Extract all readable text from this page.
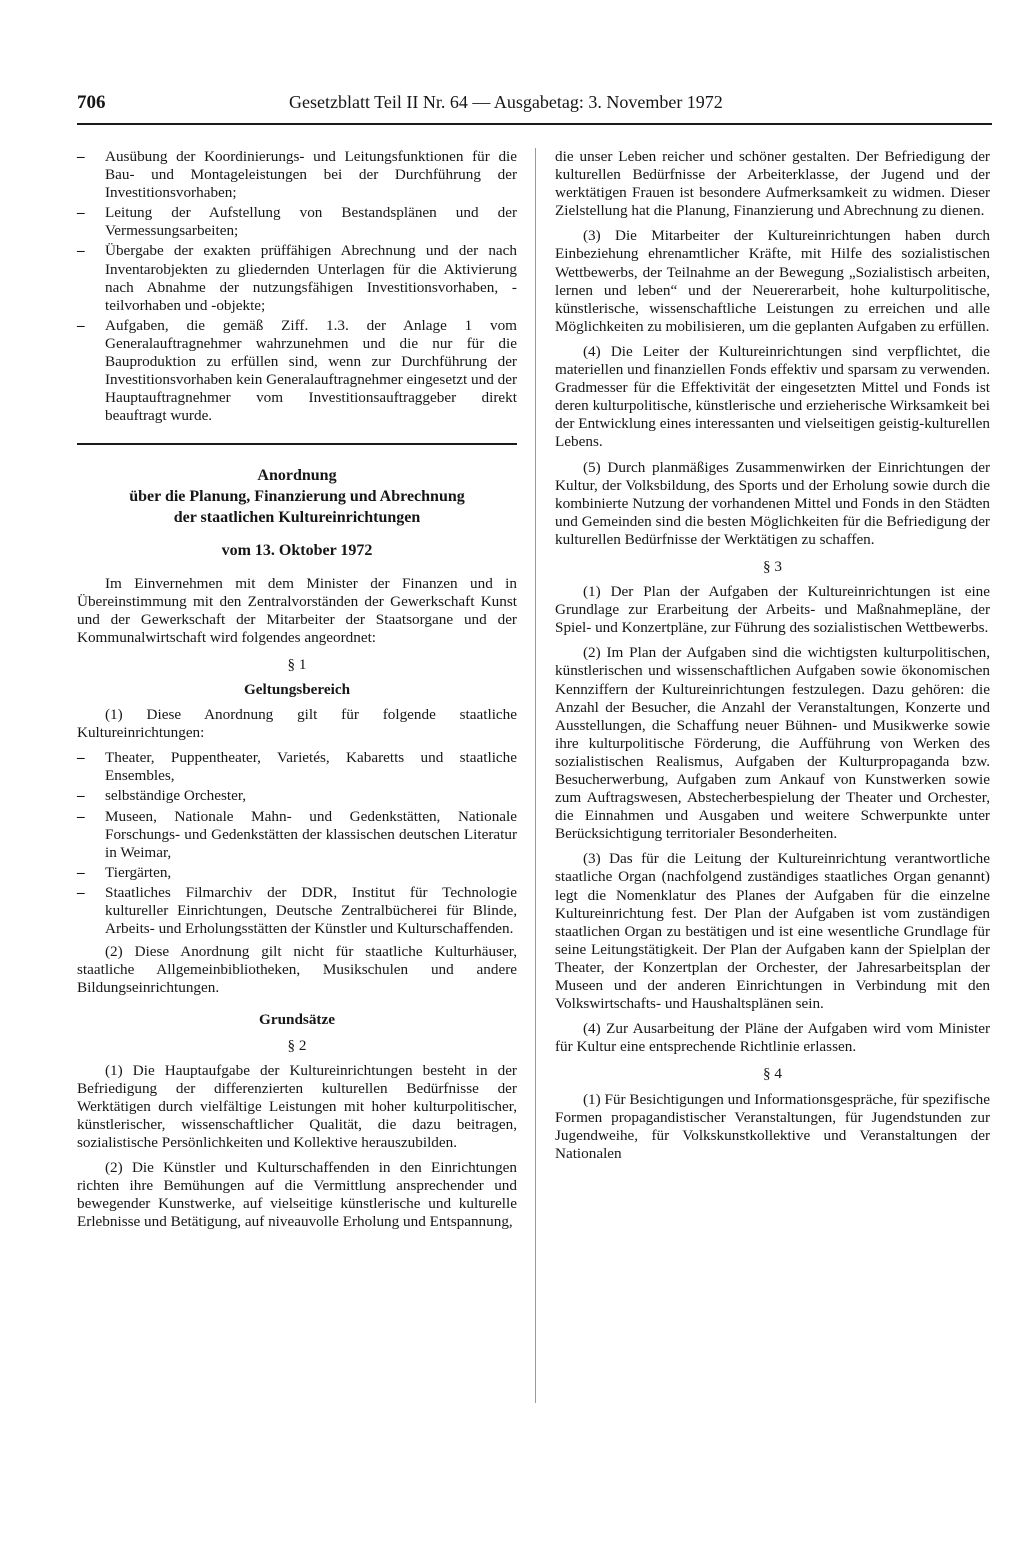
706	Gesetzblatt Teil II Nr. 64 — Ausgabetag: 3. November 1972
– Ausübung der Koordinierungs- und Leitungsfunktionen für die Bau- und Montageleistungen bei der Durchführung der Investitionsvorhaben;
– Leitung der Aufstellung von Bestandsplänen und der Vermessungsarbeiten;
– Übergabe der exakten prüffähigen Abrechnung und der nach Inventarobjekten zu gliedernden Unterlagen für die Aktivierung nach Abnahme der nutzungsfähigen Investitionsvorhaben, -teilvorhaben und -objekte;
– Aufgaben, die gemäß Ziff. 1.3. der Anlage 1 vom Generalauftragnehmer wahrzunehmen und die nur für die Bauproduktion zu erfüllen sind, wenn zur Durchführung der Investitionsvorhaben kein Generalauftragnehmer eingesetzt und der Hauptauftragnehmer vom Investitionsauftraggeber direkt beauftragt wurde.
Anordnung
über die Planung, Finanzierung und Abrechnung
der staatlichen Kultureinrichtungen
vom 13. Oktober 1972

Im Einvernehmen mit dem Minister der Finanzen und in Übereinstimmung mit den Zentralvorständen der Gewerkschaft Kunst und der Gewerkschaft der Mitarbeiter der Staatsorgane und der Kommunalwirtschaft wird folgendes angeordnet:

§ 1
Geltungsbereich

(1) Diese Anordnung gilt für folgende staatliche Kultureinrichtungen:

– Theater, Puppentheater, Varietés, Kabaretts und staatliche Ensembles,
– selbständige Orchester,
– Museen, Nationale Mahn- und Gedenkstätten, Nationale Forschungs- und Gedenkstätten der klassischen deutschen Literatur in Weimar,
– Tiergärten,
– Staatliches Filmarchiv der DDR, Institut für Technologie kultureller Einrichtungen, Deutsche Zentralbücherei für Blinde, Arbeits- und Erholungsstätten der Künstler und Kulturschaffenden.

(2) Diese Anordnung gilt nicht für staatliche Kulturhäuser, staatliche Allgemeinbibliotheken, Musikschulen und andere Bildungseinrichtungen.

Grundsätze
§ 2

(1) Die Hauptaufgabe der Kultureinrichtungen besteht in der Befriedigung der differenzierten kulturellen Bedürfnisse der Werktätigen durch vielfältige Leistungen mit hoher kulturpolitischer, künstlerischer, wissenschaftlicher Qualität, die dazu beitragen, sozialistische Persönlichkeiten und Kollektive herauszubilden.

(2) Die Künstler und Kulturschaffenden in den Einrichtungen richten ihre Bemühungen auf die Vermittlung ansprechender und bewegender Kunstwerke, auf vielseitige künstlerische und kulturelle Erlebnisse und Betätigung, auf niveauvolle Erholung und Entspannung,

die unser Leben reicher und schöner gestalten. Der Befriedigung der kulturellen Bedürfnisse der Arbeiterklasse, der Jugend und der werktätigen Frauen ist besondere Aufmerksamkeit zu widmen. Dieser Zielstellung hat die Planung, Finanzierung und Abrechnung zu dienen.

(3) Die Mitarbeiter der Kultureinrichtungen haben durch Einbeziehung ehrenamtlicher Kräfte, mit Hilfe des sozialistischen Wettbewerbs, der Teilnahme an der Bewegung „Sozialistisch arbeiten, lernen und leben“ und der Neuererarbeit, hohe kulturpolitische, künstlerische, wissenschaftliche Leistungen zu erreichen und alle Möglichkeiten zu mobilisieren, um die geplanten Aufgaben zu erfüllen.

(4) Die Leiter der Kultureinrichtungen sind verpflichtet, die materiellen und finanziellen Fonds effektiv und sparsam zu verwenden. Gradmesser für die Effektivität der eingesetzten Mittel und Fonds ist deren kulturpolitische, künstlerische und erzieherische Wirksamkeit bei der Entwicklung eines interessanten und vielseitigen geistig-kulturellen Lebens.

(5) Durch planmäßiges Zusammenwirken der Einrichtungen der Kultur, der Volksbildung, des Sports und der Erholung sowie durch die kombinierte Nutzung der vorhandenen Mittel und Fonds in den Städten und Gemeinden sind die besten Möglichkeiten für die Befriedigung der kulturellen Bedürfnisse der Werktätigen zu schaffen.

§ 3

(1) Der Plan der Aufgaben der Kultureinrichtungen ist eine Grundlage zur Erarbeitung der Arbeits- und Maßnahmepläne, der Spiel- und Konzertpläne, zur Führung des sozialistischen Wettbewerbs.

(2) Im Plan der Aufgaben sind die wichtigsten kulturpolitischen, künstlerischen und wissenschaftlichen Aufgaben sowie ökonomischen Kennziffern der Kultureinrichtungen festzulegen. Dazu gehören: die Anzahl der Besucher, die Anzahl der Veranstaltungen, Konzerte und Ausstellungen, die Schaffung neuer Bühnen- und Musikwerke sowie ihre kulturpolitische Förderung, die Aufführung von Werken des sozialistischen Realismus, Aufgaben der Kulturpropaganda bzw. Besucherwerbung, Aufgaben zum Ankauf von Kunstwerken sowie zum Auftragswesen, Abstecherbespielung der Theater und Orchester, die Einnahmen und Ausgaben und weitere Schwerpunkte unter Berücksichtigung territorialer Besonderheiten.

(3) Das für die Leitung der Kultureinrichtung verantwortliche staatliche Organ (nachfolgend zuständiges staatliches Organ genannt) legt die Nomenklatur des Planes der Aufgaben für die einzelne Kultureinrichtung fest. Der Plan der Aufgaben ist vom zuständigen staatlichen Organ zu bestätigen und ist eine wesentliche Grundlage für seine Leitungstätigkeit. Der Plan der Aufgaben kann der Spielplan der Theater, der Konzertplan der Orchester, der Jahresarbeitsplan der Museen und der anderen Einrichtungen in Verbindung mit den Volkswirtschafts- und Haushaltsplänen sein.

(4) Zur Ausarbeitung der Pläne der Aufgaben wird vom Minister für Kultur eine entsprechende Richtlinie erlassen.

§ 4

(1) Für Besichtigungen und Informationsgespräche, für spezifische Formen propagandistischer Veranstaltungen, für Jugendstunden zur Jugendweihe, für Volkskunstkollektive und Veranstaltungen der Nationalen
